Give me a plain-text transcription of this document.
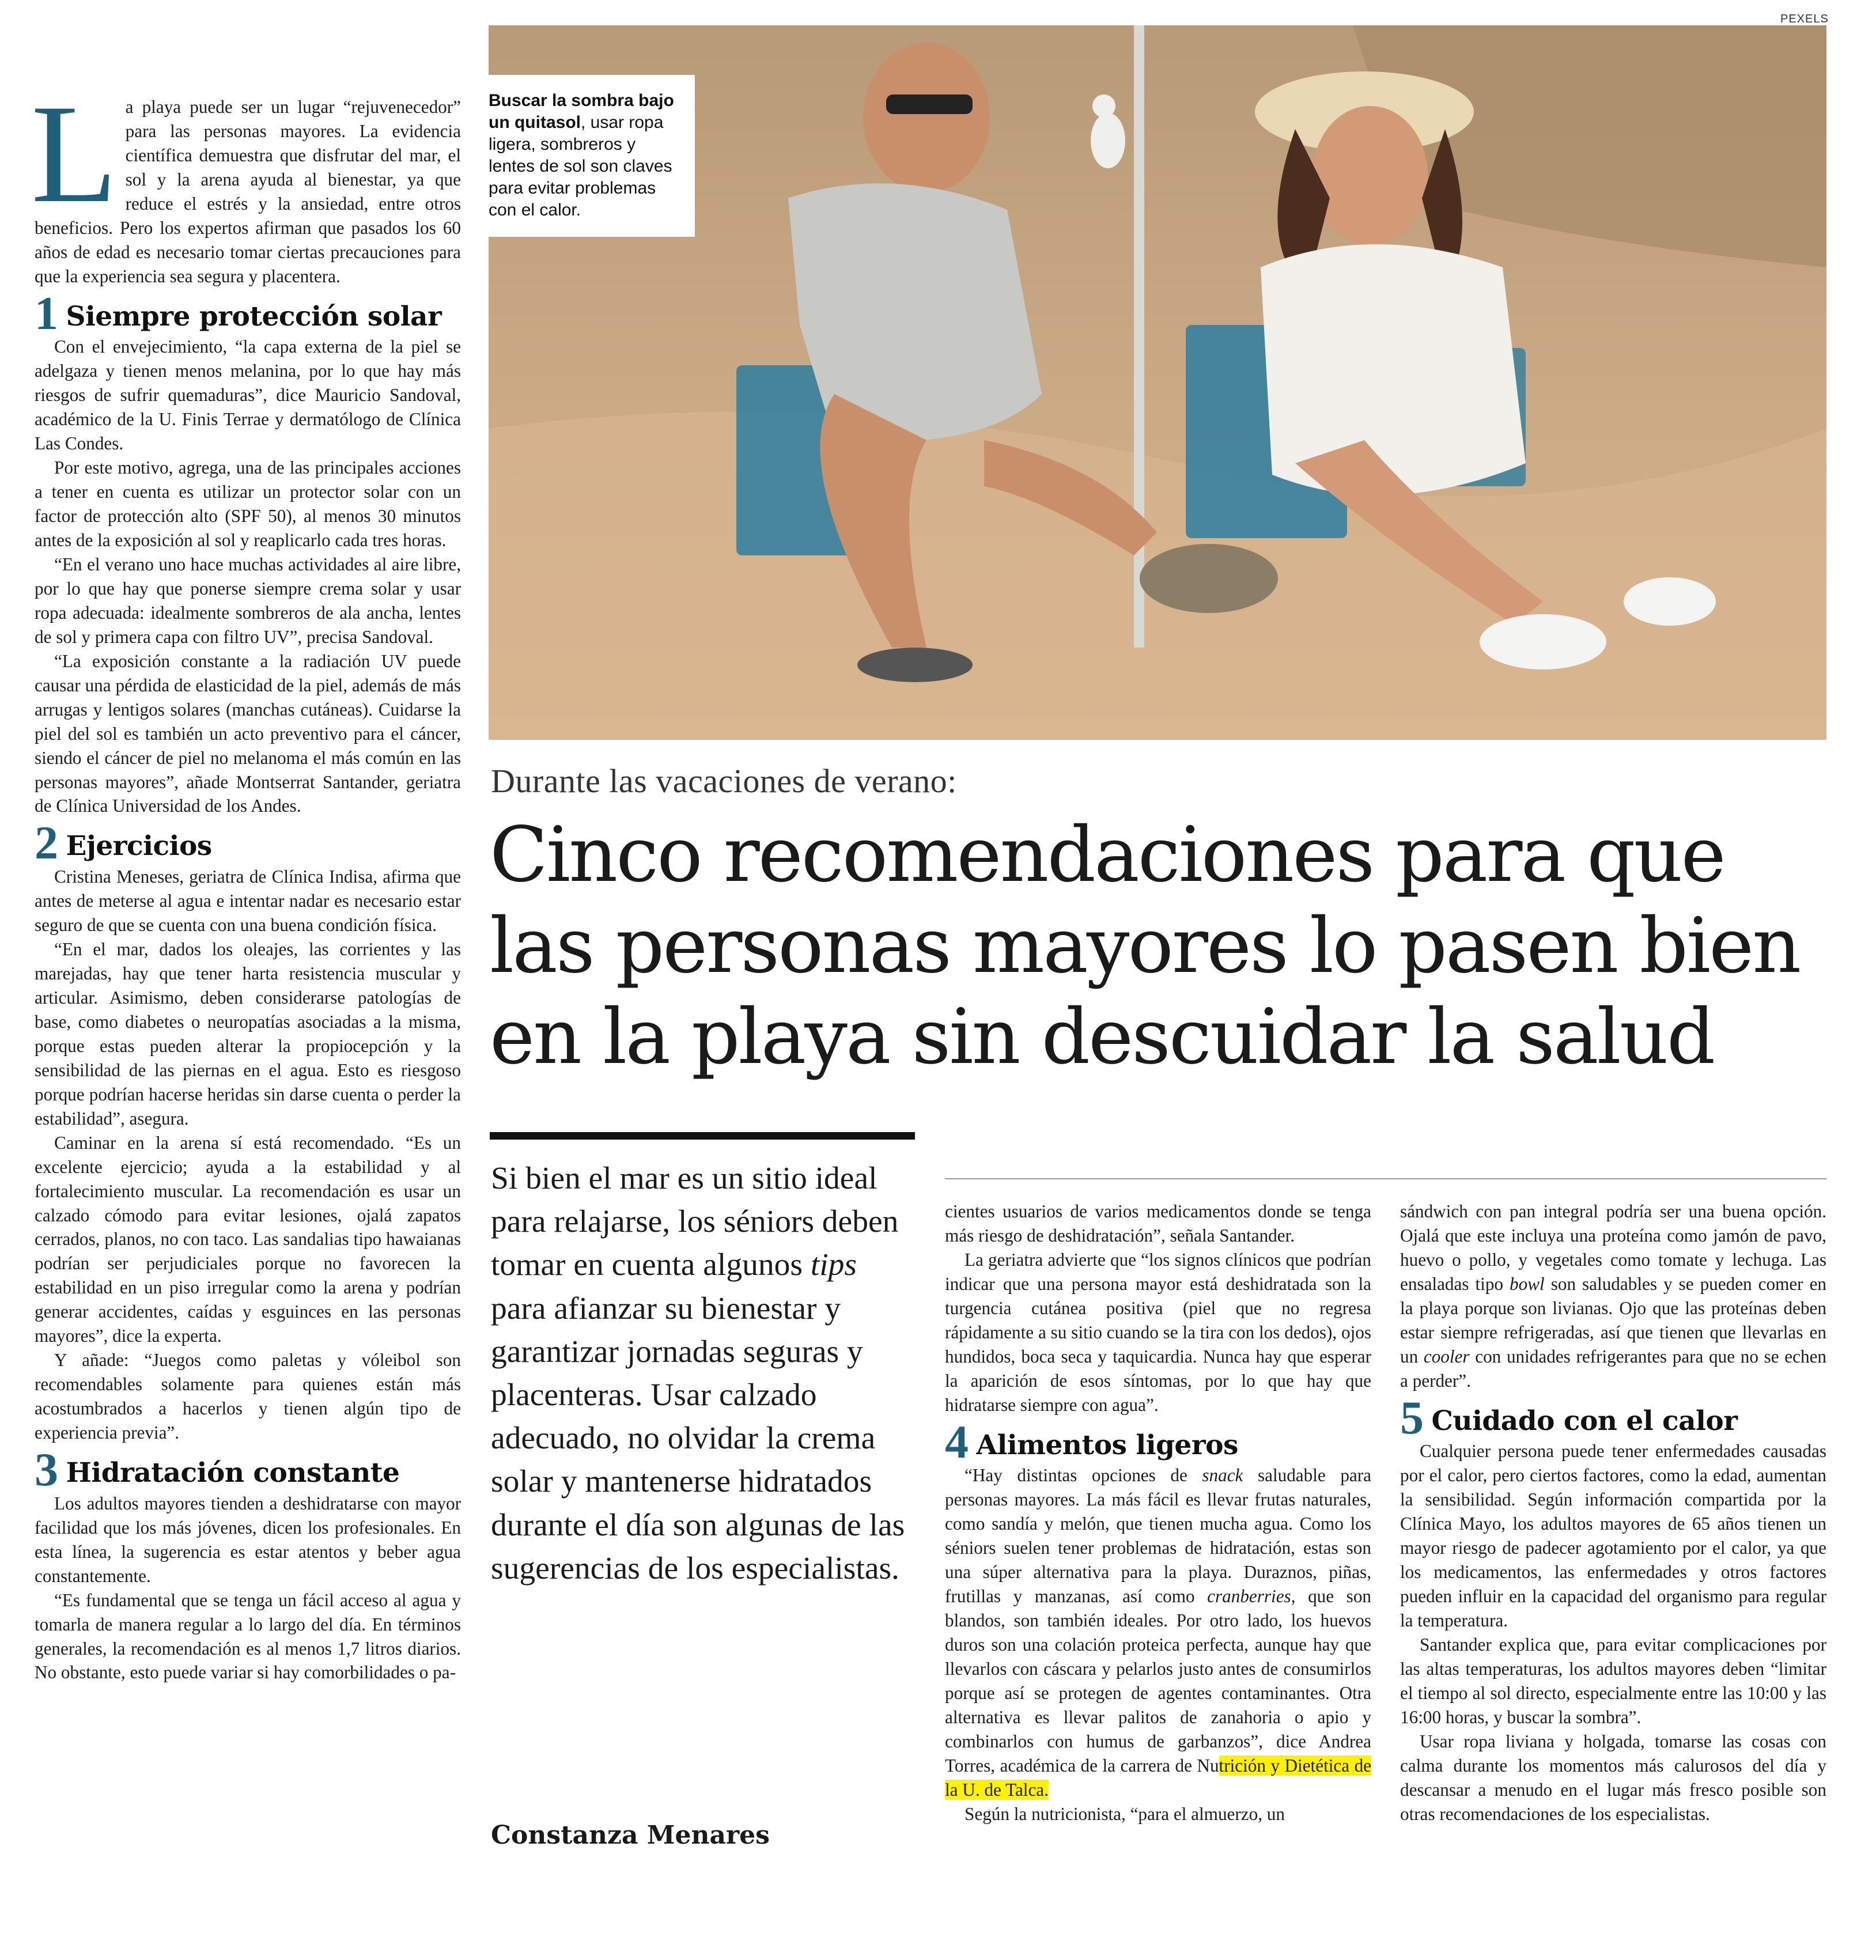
La playa puede ser un lugar “rejuvenecedor” para las personas mayores. La evidencia científica demuestra que disfrutar del mar, el sol y la arena ayuda al bienestar, ya que reduce el estrés y la ansiedad, entre otros beneficios. Pero los expertos afirman que pasados los 60 años de edad es necesario tomar ciertas precauciones para que la experiencia sea segura y placentera.

1 Siempre protección solar

Con el envejecimiento, “la capa externa de la piel se adelgaza y tienen menos melanina, por lo que hay más riesgos de sufrir quemaduras”, dice Mauricio Sandoval, académico de la U. Finis Terrae y dermatólogo de Clínica Las Condes.

Por este motivo, agrega, una de las principales acciones a tener en cuenta es utilizar un protector solar con un factor de protección alto (SPF 50), al menos 30 minutos antes de la exposición al sol y reaplicarlo cada tres horas.

“En el verano uno hace muchas actividades al aire libre, por lo que hay que ponerse siempre crema solar y usar ropa adecuada: idealmente sombreros de ala ancha, lentes de sol y primera capa con filtro UV”, precisa Sandoval.

“La exposición constante a la radiación UV puede causar una pérdida de elasticidad de la piel, además de más arrugas y lentigos solares (manchas cutáneas). Cuidarse la piel del sol es también un acto preventivo para el cáncer, siendo el cáncer de piel no melanoma el más común en las personas mayores”, añade Montserrat Santander, geriatra de Clínica Universidad de los Andes.

2 Ejercicios

Cristina Meneses, geriatra de Clínica Indisa, afirma que antes de meterse al agua e intentar nadar es necesario estar seguro de que se cuenta con una buena condición física.

“En el mar, dados los oleajes, las corrientes y las marejadas, hay que tener harta resistencia muscular y articular. Asimismo, deben considerarse patologías de base, como diabetes o neuropatías asociadas a la misma, porque estas pueden alterar la propiocepción y la sensibilidad de las piernas en el agua. Esto es riesgoso porque podrían hacerse heridas sin darse cuenta o perder la estabilidad”, asegura.

Caminar en la arena sí está recomendado. “Es un excelente ejercicio; ayuda a la estabilidad y al fortalecimiento muscular. La recomendación es usar un calzado cómodo para evitar lesiones, ojalá zapatos cerrados, planos, no con taco. Las sandalias tipo hawaianas podrían ser perjudiciales porque no favorecen la estabilidad en un piso irregular como la arena y podrían generar accidentes, caídas y esguinces en las personas mayores”, dice la experta.

Y añade: “Juegos como paletas y vóleibol son recomendables solamente para quienes están más acostumbrados a hacerlos y tienen algún tipo de experiencia previa”.

3 Hidratación constante

Los adultos mayores tienden a deshidratarse con mayor facilidad que los más jóvenes, dicen los profesionales. En esta línea, la sugerencia es estar atentos y beber agua constantemente.

“Es fundamental que se tenga un fácil acceso al agua y tomarla de manera regular a lo largo del día. En términos generales, la recomendación es al menos 1,7 litros diarios. No obstante, esto puede variar si hay comorbilidades o pa-

PEXELS
Buscar la sombra bajo un quitasol, usar ropa ligera, sombreros y lentes de sol son claves para evitar problemas con el calor.
Durante las vacaciones de verano:
Cinco recomendaciones para que las personas mayores lo pasen bien en la playa sin descuidar la salud
Si bien el mar es un sitio ideal para relajarse, los séniors deben tomar en cuenta algunos tips para afianzar su bienestar y garantizar jornadas seguras y placenteras. Usar calzado adecuado, no olvidar la crema solar y mantenerse hidratados durante el día son algunas de las sugerencias de los especialistas.
Constanza Menares

cientes usuarios de varios medicamentos donde se tenga más riesgo de deshidratación”, señala Santander.

La geriatra advierte que “los signos clínicos que podrían indicar que una persona mayor está deshidratada son la turgencia cutánea positiva (piel que no regresa rápidamente a su sitio cuando se la tira con los dedos), ojos hundidos, boca seca y taquicardia. Nunca hay que esperar la aparición de esos síntomas, por lo que hay que hidratarse siempre con agua”.

4 Alimentos ligeros

“Hay distintas opciones de snack saludable para personas mayores. La más fácil es llevar frutas naturales, como sandía y melón, que tienen mucha agua. Como los séniors suelen tener problemas de hidratación, estas son una súper alternativa para la playa. Duraznos, piñas, frutillas y manzanas, así como cranberries, que son blandos, son también ideales. Por otro lado, los huevos duros son una colación proteica perfecta, aunque hay que llevarlos con cáscara y pelarlos justo antes de consumirlos porque así se protegen de agentes contaminantes. Otra alternativa es llevar palitos de zanahoria o apio y combinarlos con humus de garbanzos”, dice Andrea Torres, académica de la carrera de Nutrición y Dietética de la U. de Talca.

Según la nutricionista, “para el almuerzo, un

sándwich con pan integral podría ser una buena opción. Ojalá que este incluya una proteína como jamón de pavo, huevo o pollo, y vegetales como tomate y lechuga. Las ensaladas tipo bowl son saludables y se pueden comer en la playa porque son livianas. Ojo que las proteínas deben estar siempre refrigeradas, así que tienen que llevarlas en un cooler con unidades refrigerantes para que no se echen a perder”.

5 Cuidado con el calor

Cualquier persona puede tener enfermedades causadas por el calor, pero ciertos factores, como la edad, aumentan la sensibilidad. Según información compartida por la Clínica Mayo, los adultos mayores de 65 años tienen un mayor riesgo de padecer agotamiento por el calor, ya que los medicamentos, las enfermedades y otros factores pueden influir en la capacidad del organismo para regular la temperatura.

Santander explica que, para evitar complicaciones por las altas temperaturas, los adultos mayores deben “limitar el tiempo al sol directo, especialmente entre las 10:00 y las 16:00 horas, y buscar la sombra”.

Usar ropa liviana y holgada, tomarse las cosas con calma durante los momentos más calurosos del día y descansar a menudo en el lugar más fresco posible son otras recomendaciones de los especialistas.
